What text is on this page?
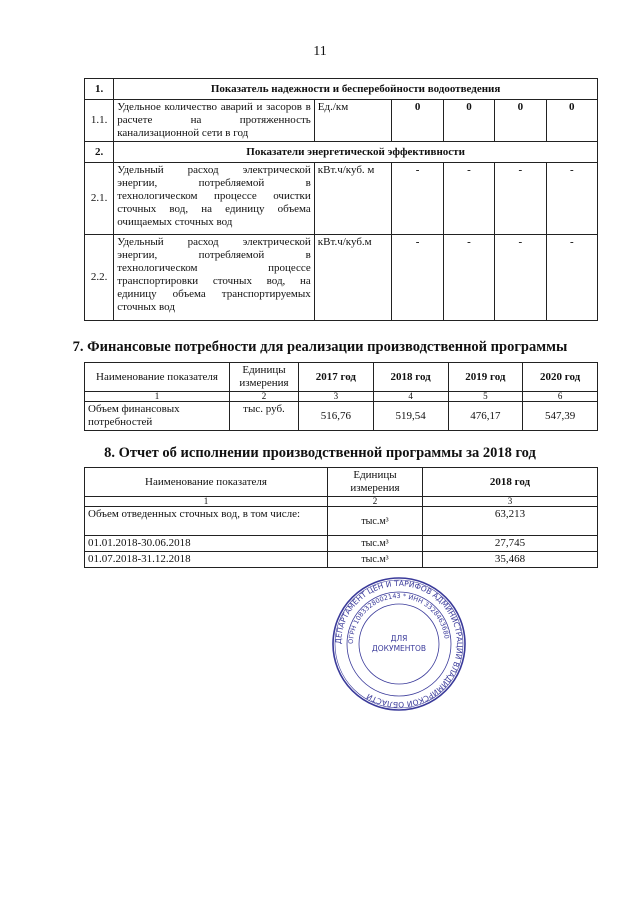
11
1.	Показатель надежности и бесперебойности водоотведения					
1.1.	Удельное количество аварий и засоров в расчете на протяженность канализационной сети в год	Ед./км	0	0	0	0
2.	Показатели энергетической эффективности					
2.1.	Удельный расход электрической энергии, потребляемой в технологическом процессе очистки сточных вод, на единицу объема очищаемых сточных вод	кВт.ч/куб. м	-	-	-	-
2.2.	Удельный расход электрической энергии, потребляемой в технологическом процессе транспортировки сточных вод, на единицу объема транспортируемых сточных вод	кВт.ч/куб.м	-	-	-	-
7. Финансовые потребности для реализации производственной программы
Наименование показателя	Единицы измерения	2017 год	2018 год	2019 год	2020 год
1	2	3	4	5	6
Объем финансовых потребностей	тыс. руб.	516,76	519,54	476,17	547,39
8. Отчет об исполнении производственной программы за 2018 год
Наименование показателя	Единицы измерения	2018 год
1	2	3
Объем отведенных сточных вод, в том числе:	тыс.м³	63,213
01.01.2018-30.06.2018	тыс.м³	27,745
01.07.2018-31.12.2018	тыс.м³	35,468
ДЕПАРТАМЕНТ ЦЕН И ТАРИФОВ АДМИНИСТРАЦИИ ВЛАДИМИРСКОЙ ОБЛАСТИ
ОГРН 1083328002143 * ИНН 3328463680
ДЛЯ
ДОКУМЕНТОВ
